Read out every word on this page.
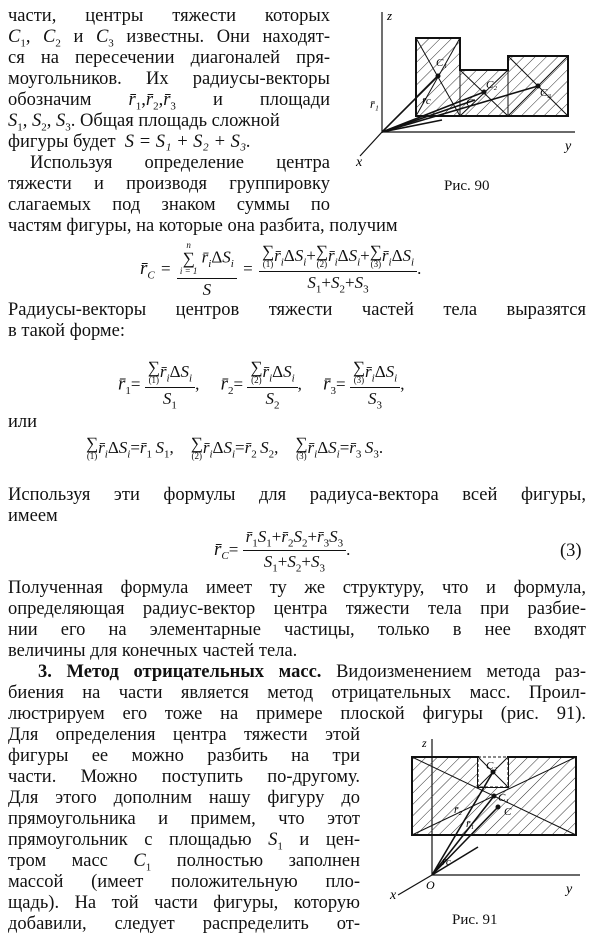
части, центры тяжести которых
$C_1$, $C_2$ и $C_3$ известны. Они находят-
ся на пересечении диагоналей пря-
моугольников. Их радиусы-векторы
обозначим $r̄_1,r̄_2,r̄_3$ и площади
$S_1$, $S_2$, $S_3$. Общая площадь сложной
фигуры будет S = S₁ + S₂ + S₃.
Используя определение центра
тяжести и производя группировку
слагаемых под знаком суммы по
частям фигуры, на которые она разбита, получим
z
y
x
r̄₁
C₁
C₂
C₃
C
r̄c
Рис. 90
$r̄_C = n$
∑
i = 1
$r̄_i\Delta S_i$
S = ∑
(1) $r̄_i\Delta S_i+$ ∑
(2) $r̄_i\Delta S_i+$ ∑
(3) $r̄_i\Delta S_i$
$S_1+S_2+S_3$ .
Радиусы-векторы центров тяжести частей тела выразятся
в такой форме:
$r̄_1=$ ∑
(1) $r̄_i\Delta S_i$
$S_1$ , $r̄_2=$ ∑
(2) $r̄_i\Delta S_i$
$S_2$ , $r̄_3=$ ∑
(3) $r̄_i\Delta S_i$
$S_3$ ,
или
∑
(1) $r̄_i\Delta S_i=r̄_1$  $S_1$, ∑
(2) $r̄_i\Delta S_i=r̄_2$  $S_2$, ∑
(3) $r̄_i\Delta S_i=r̄_3$  $S_3$.
Используя эти формулы для радиуса-вектора всей фигуры,
имеем
$r̄_C= \frac{r̄_1S_1+r̄_2S_2+r̄_3S_3}{S_1+S_2+S_3}$ .	(3)
Полученная формула имеет ту же структуру, что и формула,
определяющая радиус-вектор центра тяжести тела при разбие-
нии его на элементарные частицы, только в нее входят
величины для конечных частей тела.
3. Метод отрицательных масс. Видоизменением метода раз-
биения на части является метод отрицательных масс. Проил-
люстрируем его тоже на примере плоской фигуры (рис. 91).
Для определения центра тяжести этой
фигуры ее можно разбить на три
части. Можно поступить по-другому.
Для этого дополним нашу фигуру до
прямоугольника и примем, что этот
прямоугольник с площадью $S_1$ и цен-
тром масс $C_1$ полностью заполнен
массой (имеет положительную пло-
щадь). На той части фигуры, которую
добавили, следует распределить от-
z
y
x
O
C₂
C₁
C
r̄₂
r̄₁
r̄c
Рис. 91
